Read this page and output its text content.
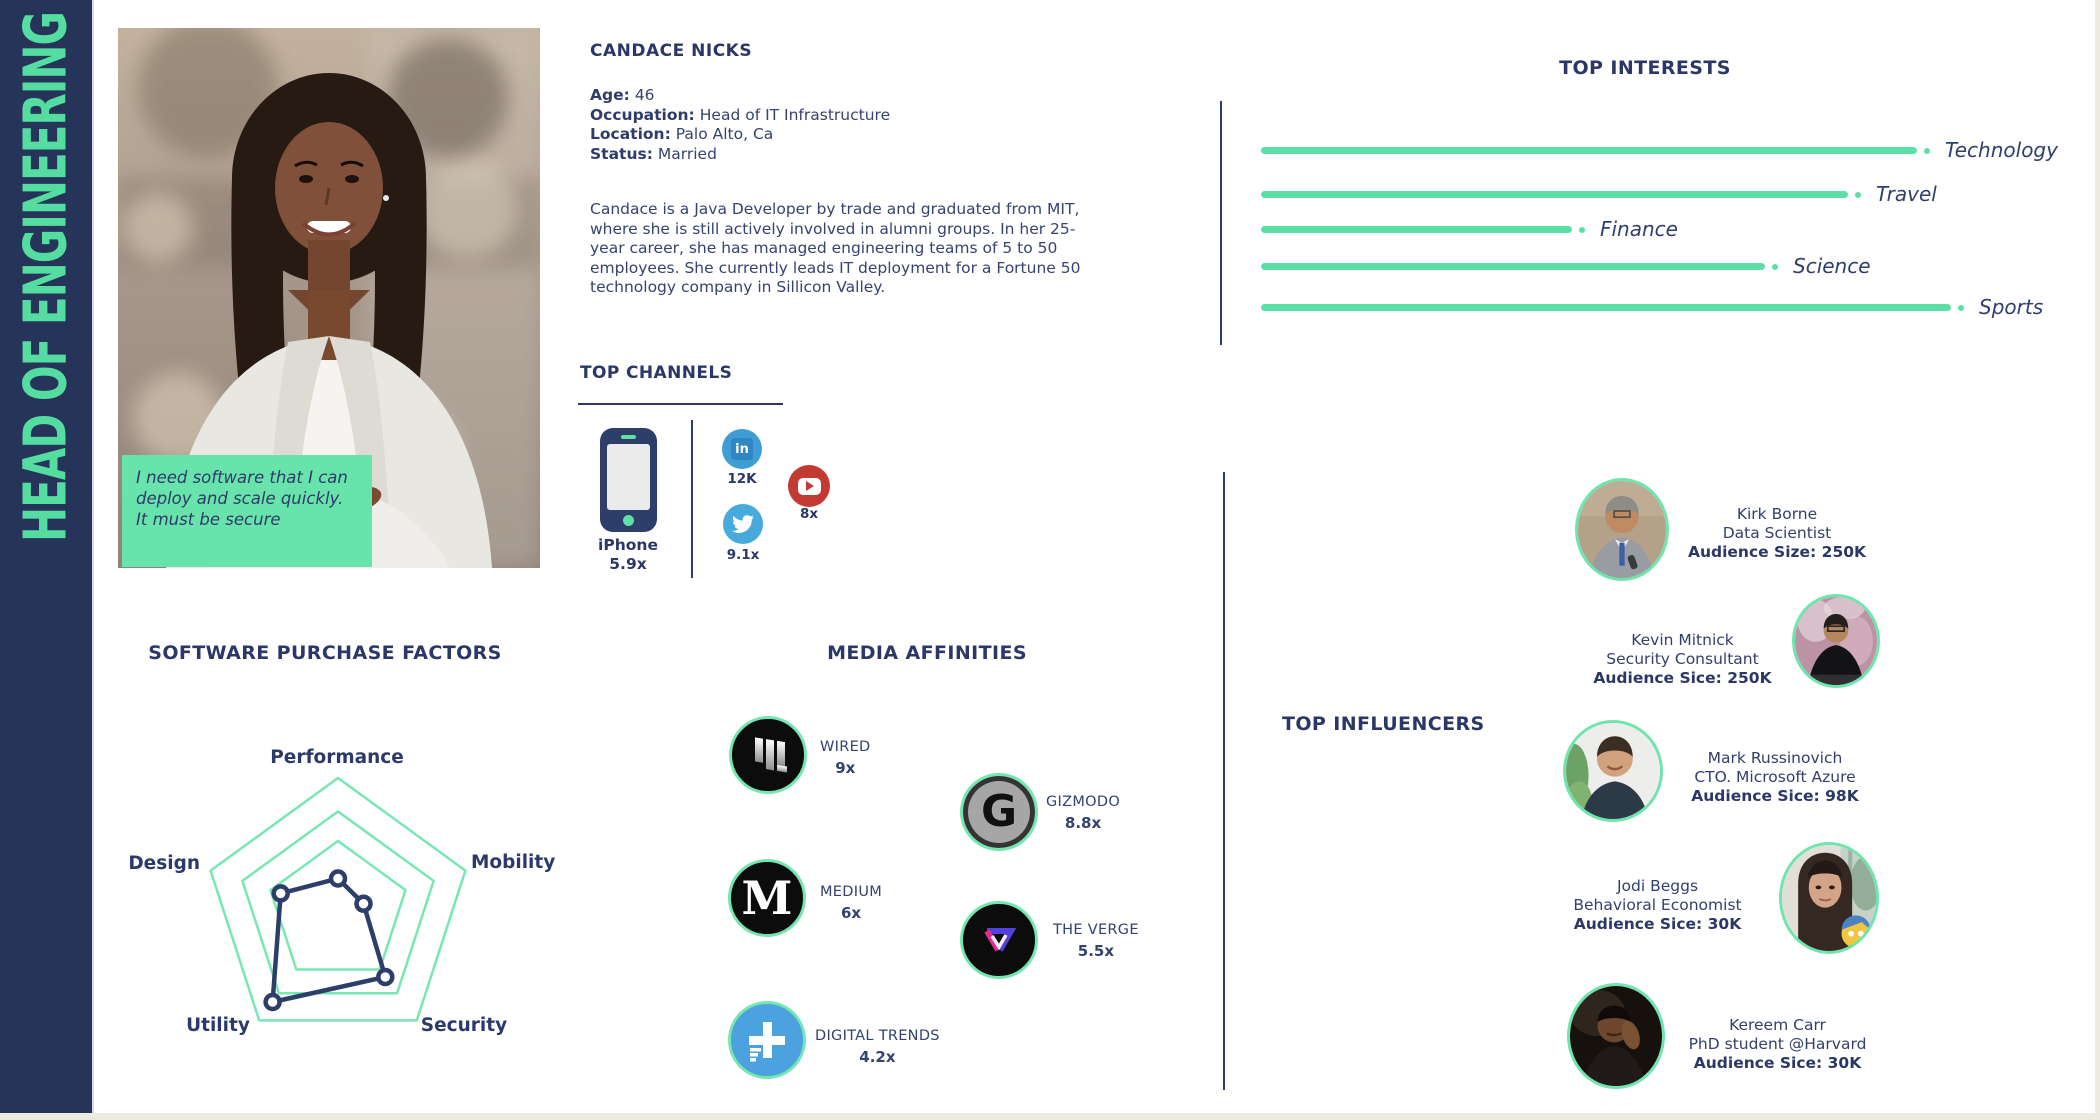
HEAD OF ENGINEERING	I need software that I can deploy and scale quickly. It must be secure
CANDACE NICKS
Age: 46
Occupation: Head of IT Infrastructure
Location: Palo Alto, Ca
Status: Married
Candace is a Java Developer by trade and graduated from MIT, where she is still actively involved in alumni groups. In her 25-year career, she has managed engineering teams of 5 to 50 employees. She currently leads IT deployment for a Fortune 50 technology company in Sillicon Valley.
TOP CHANNELS
iPhone
5.9x
in
12K
9.1x
8x
TOP INTERESTS
Technology
Travel
Finance
Science
Sports
SOFTWARE PURCHASE FACTORS
Performance
Mobility
Security
Utility
Design
MEDIA AFFINITIES
WIRED
9x
G GIZMODO
8.8x
M MEDIUM
6x
THE VERGE
5.5x
DIGITAL TRENDS
4.2x
TOP INFLUENCERS
Kirk Borne
Data Scientist
Audience Size: 250K
Kevin Mitnick
Security Consultant
Audience Sice: 250K
Mark Russinovich
CTO. Microsoft Azure
Audience Sice: 98K
Jodi Beggs
Behavioral Economist
Audience Sice: 30K
Kereem Carr
PhD student @Harvard
Audience Sice: 30K
